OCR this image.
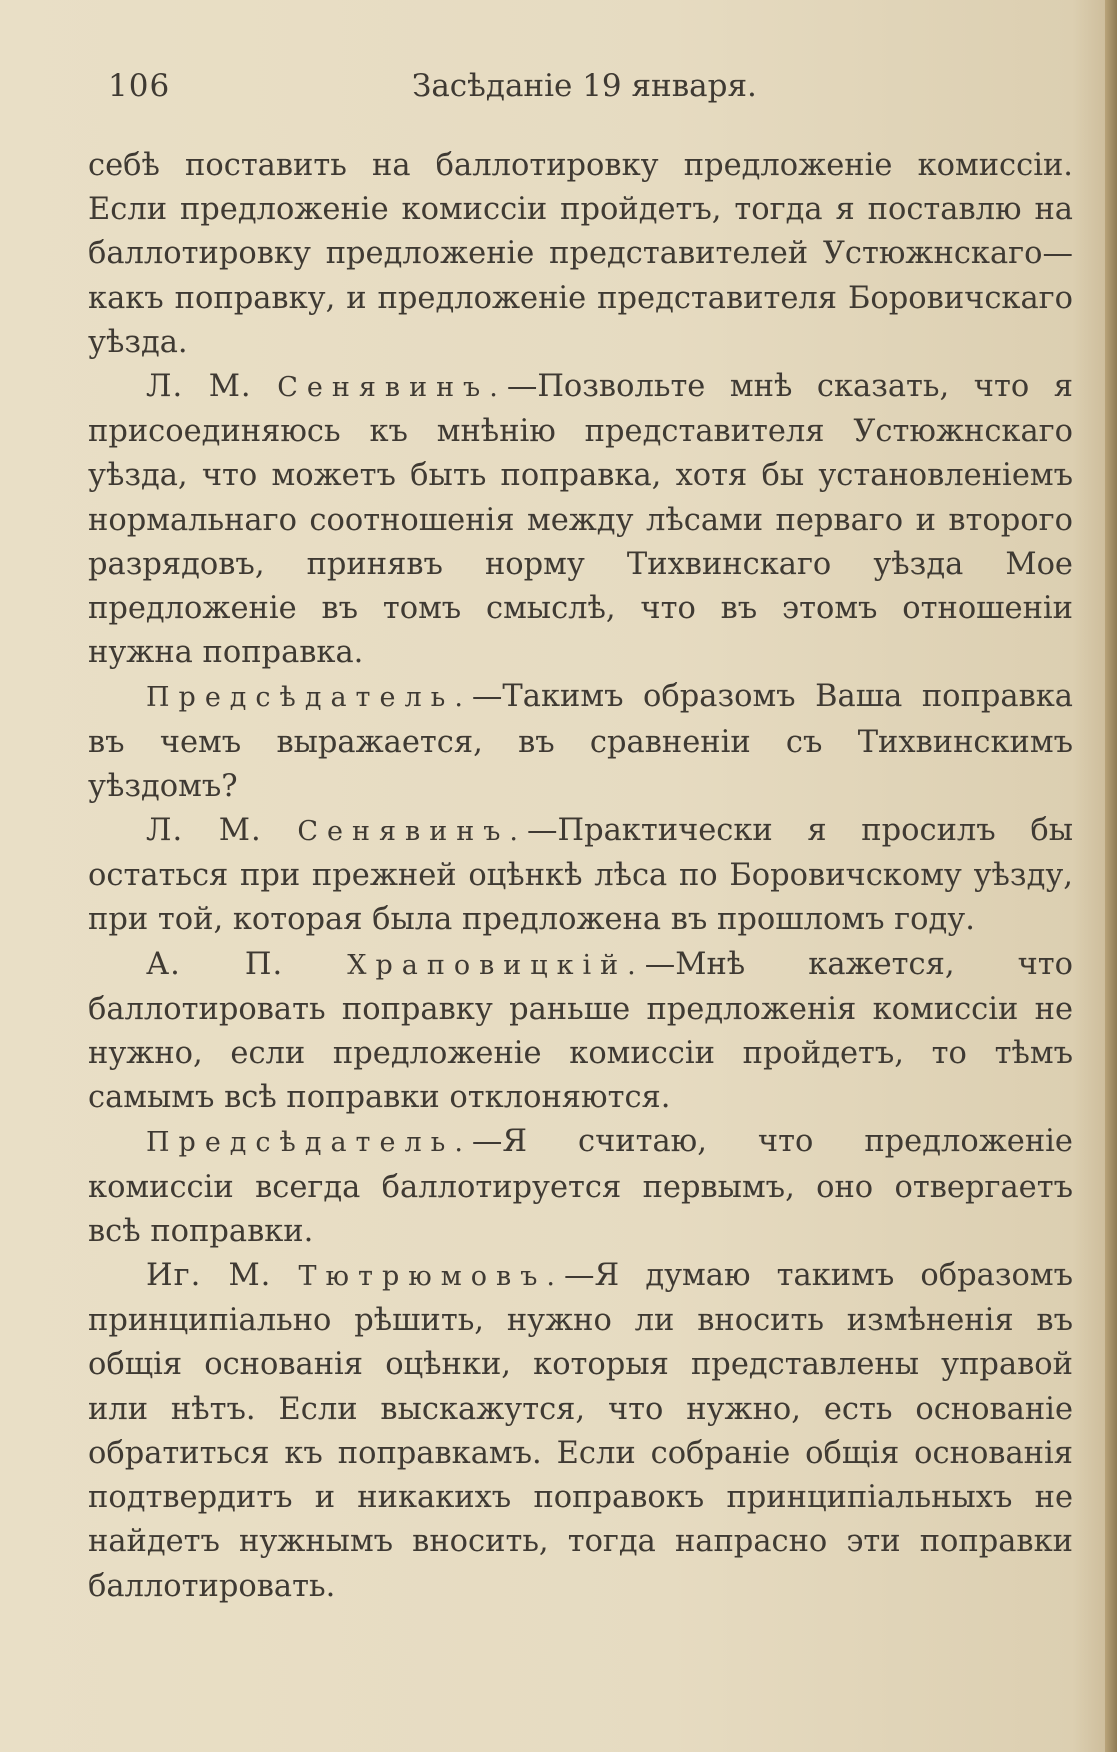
106	Засѣданіе 19 января.

себѣ поставить на баллотировку предложеніе комиссіи. Если предложеніе комиссіи пройдетъ, тогда я поставлю на баллотировку предложеніе представителей Устюжнскаго—какъ поправку, и предложеніе представителя Боровичскаго уѣзда.

Л. М. Сенявинъ.—Позвольте мнѣ сказать, что я присоединяюсь къ мнѣнію представителя Устюжнскаго уѣзда, что можетъ быть поправка, хотя бы установленіемъ нормальнаго соотношенія между лѣсами перваго и второго разрядовъ, принявъ норму Тихвинскаго уѣзда Мое предложеніе въ томъ смыслѣ, что въ этомъ отношеніи нужна поправка.

Предсѣдатель.—Такимъ образомъ Ваша поправка въ чемъ выражается, въ сравненіи съ Тихвинскимъ уѣздомъ?

Л. М. Сенявинъ.—Практически я просилъ бы остаться при прежней оцѣнкѣ лѣса по Боровичскому уѣзду, при той, которая была предложена въ прошломъ году.

А. П. Храповицкій.—Мнѣ кажется, что баллотировать поправку раньше предложенія комиссіи не нужно, если предложеніе комиссіи пройдетъ, то тѣмъ самымъ всѣ поправки отклоняются.

Предсѣдатель.—Я считаю, что предложеніе комиссіи всегда баллотируется первымъ, оно отвергаетъ всѣ поправки.

Иг. М. Тютрюмовъ.—Я думаю такимъ образомъ принципіально рѣшить, нужно ли вносить измѣненія въ общія основанія оцѣнки, которыя представлены управой или нѣтъ. Если выскажутся, что нужно, есть основаніе обратиться къ поправкамъ. Если собраніе общія основанія подтвердитъ и никакихъ поправокъ принципіальныхъ не найдетъ нужнымъ вносить, тогда напрасно эти поправки баллотировать.
